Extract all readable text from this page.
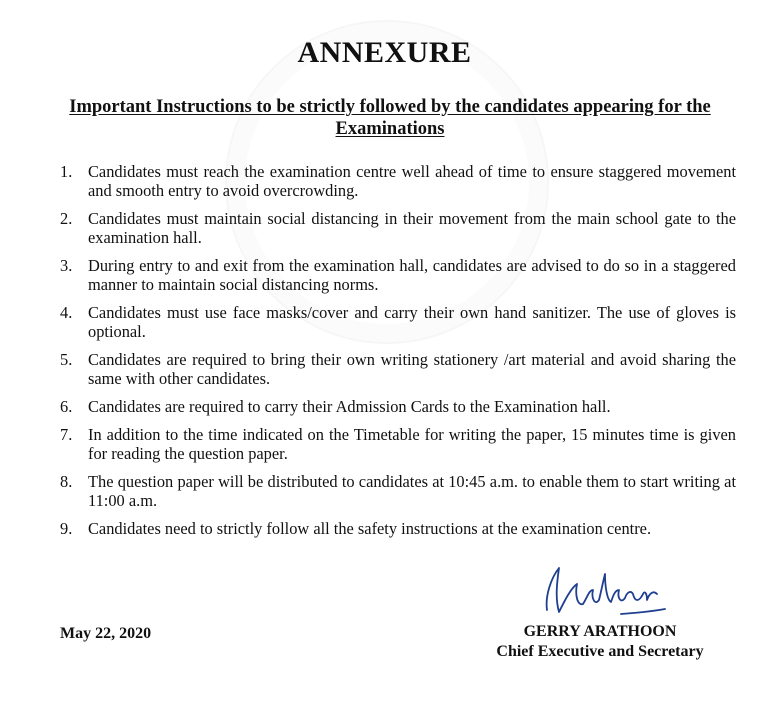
ANNEXURE
Important Instructions to be strictly followed by the candidates appearing for the Examinations
1. Candidates must reach the examination centre well ahead of time to ensure staggered movement and smooth entry to avoid overcrowding.
2. Candidates must maintain social distancing in their movement from the main school gate to the examination hall.
3. During entry to and exit from the examination hall, candidates are advised to do so in a staggered manner to maintain social distancing norms.
4. Candidates must use face masks/cover and carry their own hand sanitizer. The use of gloves is optional.
5. Candidates are required to bring their own writing stationery /art material and avoid sharing the same with other candidates.
6. Candidates are required to carry their Admission Cards to the Examination hall.
7. In addition to the time indicated on the Timetable for writing the paper, 15 minutes time is given for reading the question paper.
8. The question paper will be distributed to candidates at 10:45 a.m. to enable them to start writing at 11:00 a.m.
9. Candidates need to strictly follow all the safety instructions at the examination centre.
May 22, 2020	GERRY ARATHOON
Chief Executive and Secretary
